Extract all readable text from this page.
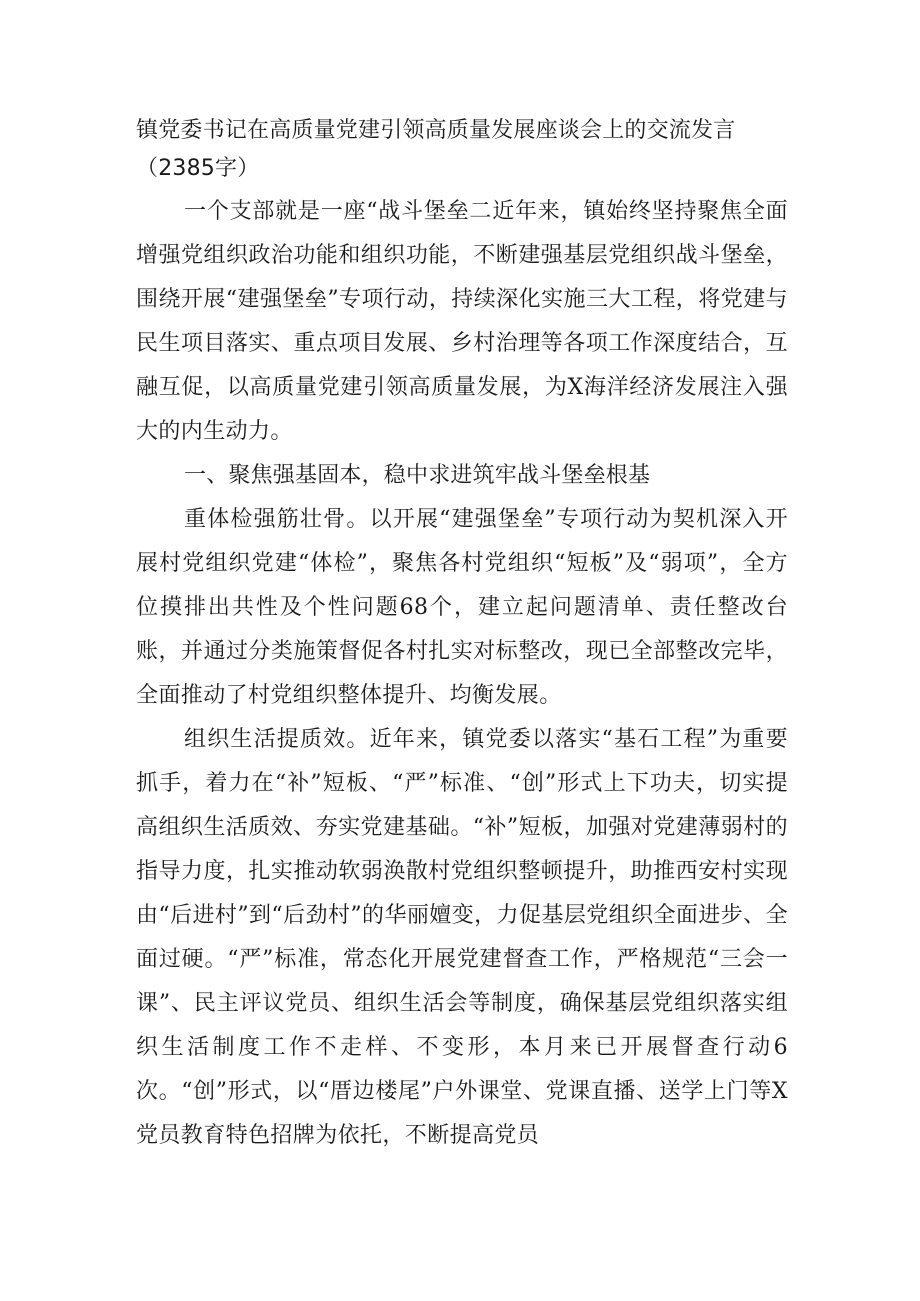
镇党委书记在高质量党建引领高质量发展座谈会上的交流发言（2385字）

一个支部就是一座“战斗堡垒二近年来，镇始终坚持聚焦全面增强党组织政治功能和组织功能，不断建强基层党组织战斗堡垒，围绕开展“建强堡垒”专项行动，持续深化实施三大工程，将党建与民生项目落实、重点项目发展、乡村治理等各项工作深度结合，互融互促，以高质量党建引领高质量发展，为X海洋经济发展注入强大的内生动力。

一、聚焦强基固本，稳中求进筑牢战斗堡垒根基

重体检强筋壮骨。以开展“建强堡垒”专项行动为契机深入开展村党组织党建“体检”，聚焦各村党组织“短板”及“弱项”，全方位摸排出共性及个性问题68个，建立起问题清单、责任整改台账，并通过分类施策督促各村扎实对标整改，现已全部整改完毕，全面推动了村党组织整体提升、均衡发展。

组织生活提质效。近年来，镇党委以落实“基石工程”为重要抓手，着力在“补”短板、“严”标准、“创”形式上下功夫，切实提高组织生活质效、夯实党建基础。“补”短板，加强对党建薄弱村的指导力度，扎实推动软弱涣散村党组织整顿提升，助推西安村实现由“后进村”到“后劲村”的华丽嬗变，力促基层党组织全面进步、全面过硬。“严”标准，常态化开展党建督查工作，严格规范“三会一课”、民主评议党员、组织生活会等制度，确保基层党组织落实组织生活制度工作不走样、不变形，本月来已开展督查行动6次。“创”形式，以“厝边楼尾”户外课堂、党课直播、送学上门等X党员教育特色招牌为依托，不断提高党员
